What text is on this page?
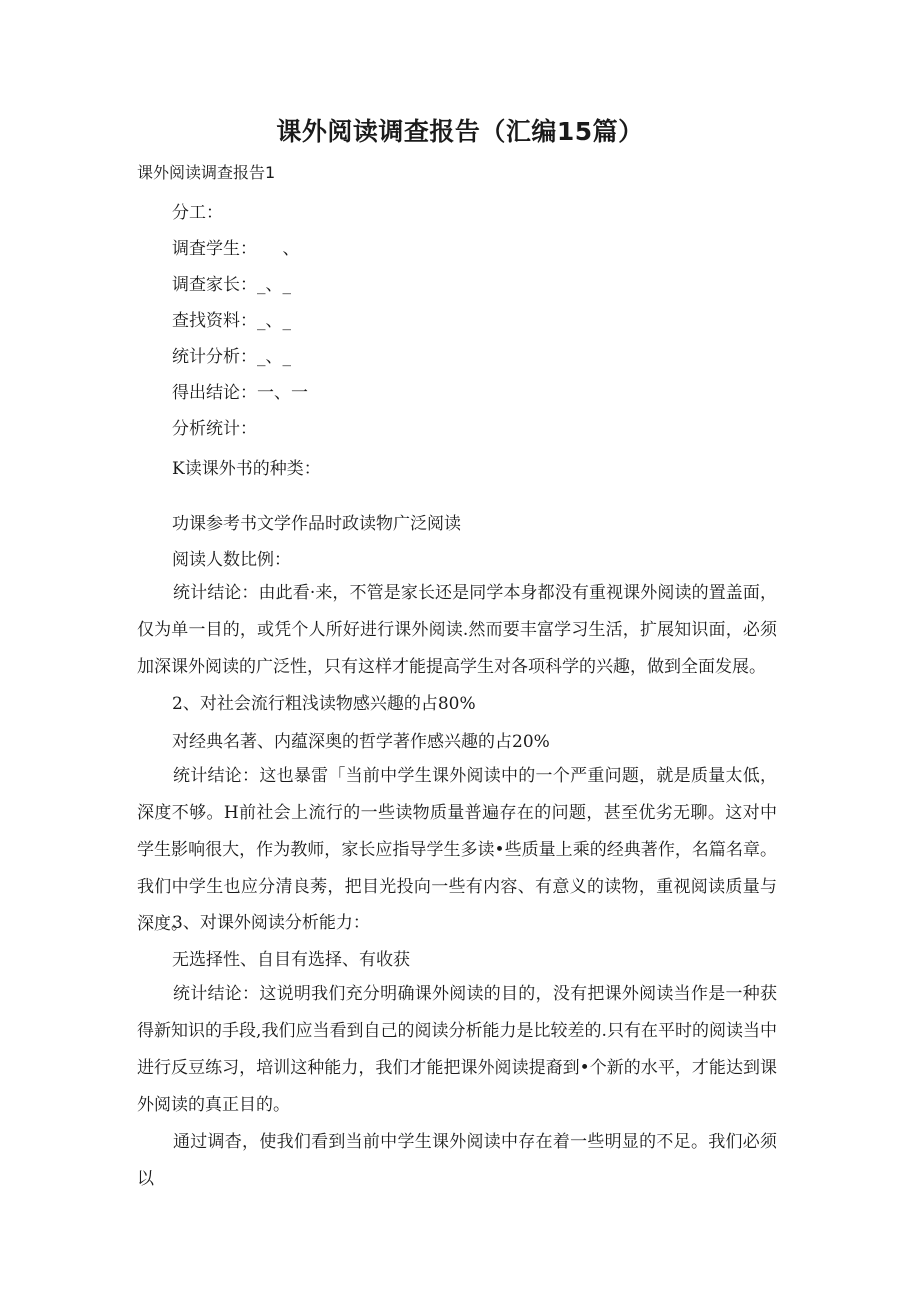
课外阅读调查报告（汇编15篇）
课外阅读调查报告1
分工：
调査学生：　　、
调查家长：_、_
查找资料：_、_
统计分析：_、_
得出结论：一、一
分析统计：
K读课外书的种类：
功课参考书文学作品时政读物广泛阅读
阅读人数比例：
统计结论：由此看·来，不管是家长还是同学本身都没有重视课外阅读的置盖面，仅为单一目的，或凭个人所好进行课外阅读.然而要丰富学习生活，扩展知识面，必须加深课外阅读的广泛性，只有这样才能提高学生对各项科学的兴趣，做到全面发展。
2、对社会流行粗浅读物感兴趣的占80%
对经典名著、内蕴深奥的哲学著作感兴趣的占20%
统计结论：这也暴雷「当前中学生课外阅读中的一个严重问题，就是质量太低，深度不够。H前社会上流行的一些读物质量普遍存在的问题，甚至优劣无聊。这对中学生影响很大，作为教师，家长应指导学生多读•些质量上乘的经典著作，名篇名章。我们中学生也应分清良莠，把目光投向一些有内容、有意义的读物，重视阅读质量与深度。
3、对课外阅读分析能力：
无选择性、自目有选择、有收获
统计结论：这说明我们充分明确课外阅读的目的，没有把课外阅读当作是一种获得新知识的手段,我们应当看到自己的阅读分析能力是比较差的.只有在平时的阅读当中进行反豆练习，培训这种能力，我们才能把课外阅读提裔到•个新的水平，才能达到课外阅读的真正目的。
通过调杳，使我们看到当前中学生课外阅读中存在着一些明显的不足。我们必须以
